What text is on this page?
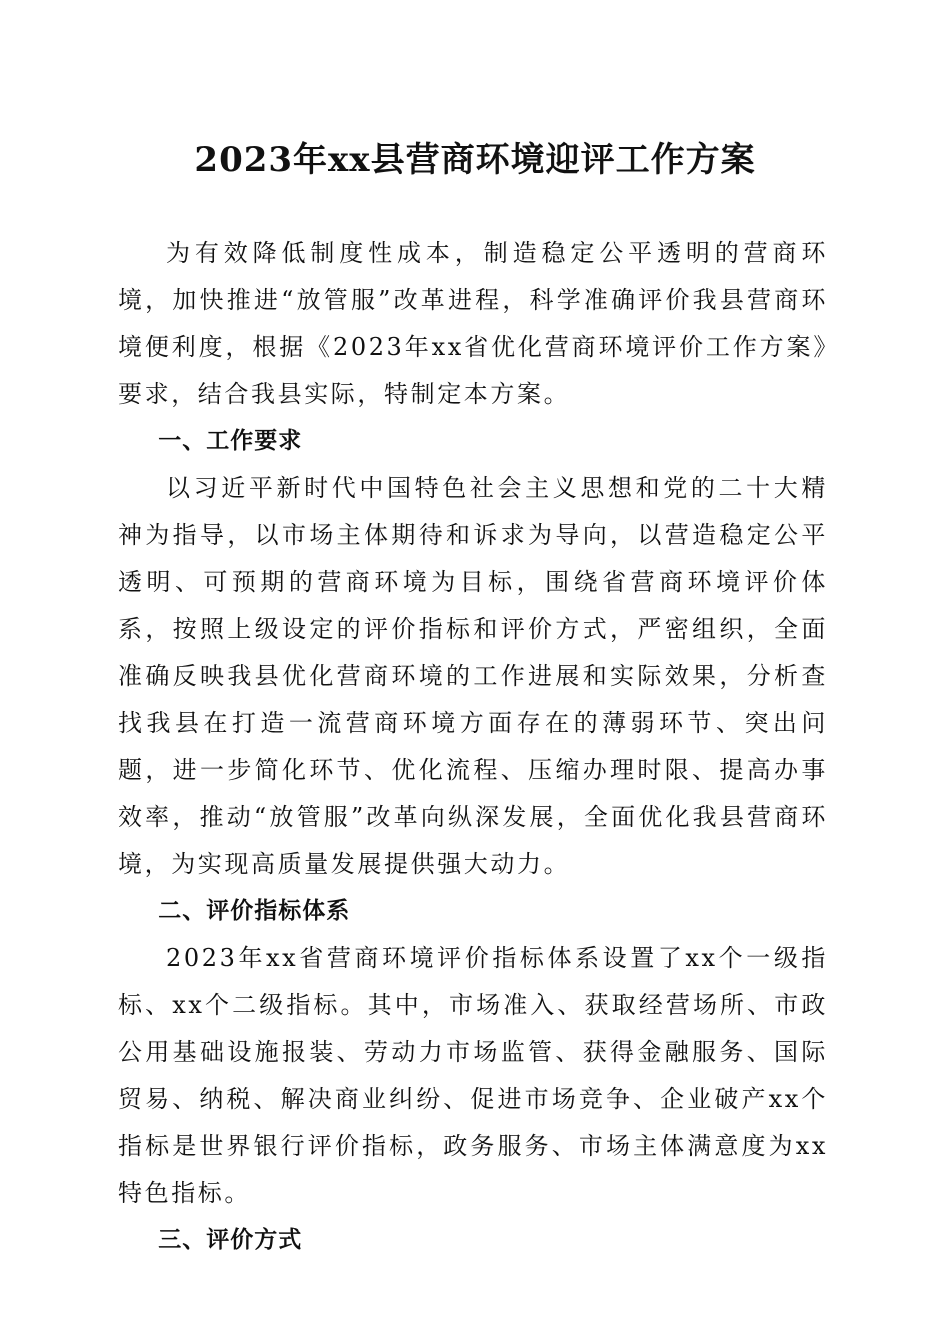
2023年xx县营商环境迎评工作方案

为有效降低制度性成本，制造稳定公平透明的营商环境，加快推进“放管服”改革进程，科学准确评价我县营商环境便利度，根据《2023年xx省优化营商环境评价工作方案》要求，结合我县实际，特制定本方案。

一、工作要求

以习近平新时代中国特色社会主义思想和党的二十大精神为指导，以市场主体期待和诉求为导向，以营造稳定公平透明、可预期的营商环境为目标，围绕省营商环境评价体系，按照上级设定的评价指标和评价方式，严密组织，全面准确反映我县优化营商环境的工作进展和实际效果，分析查找我县在打造一流营商环境方面存在的薄弱环节、突出问题，进一步简化环节、优化流程、压缩办理时限、提高办事效率，推动“放管服”改革向纵深发展，全面优化我县营商环境，为实现高质量发展提供强大动力。

二、评价指标体系

2023年xx省营商环境评价指标体系设置了xx个一级指标、xx个二级指标。其中，市场准入、获取经营场所、市政公用基础设施报装、劳动力市场监管、获得金融服务、国际贸易、纳税、解决商业纠纷、促进市场竞争、企业破产xx个指标是世界银行评价指标，政务服务、市场主体满意度为xx特色指标。

三、评价方式
